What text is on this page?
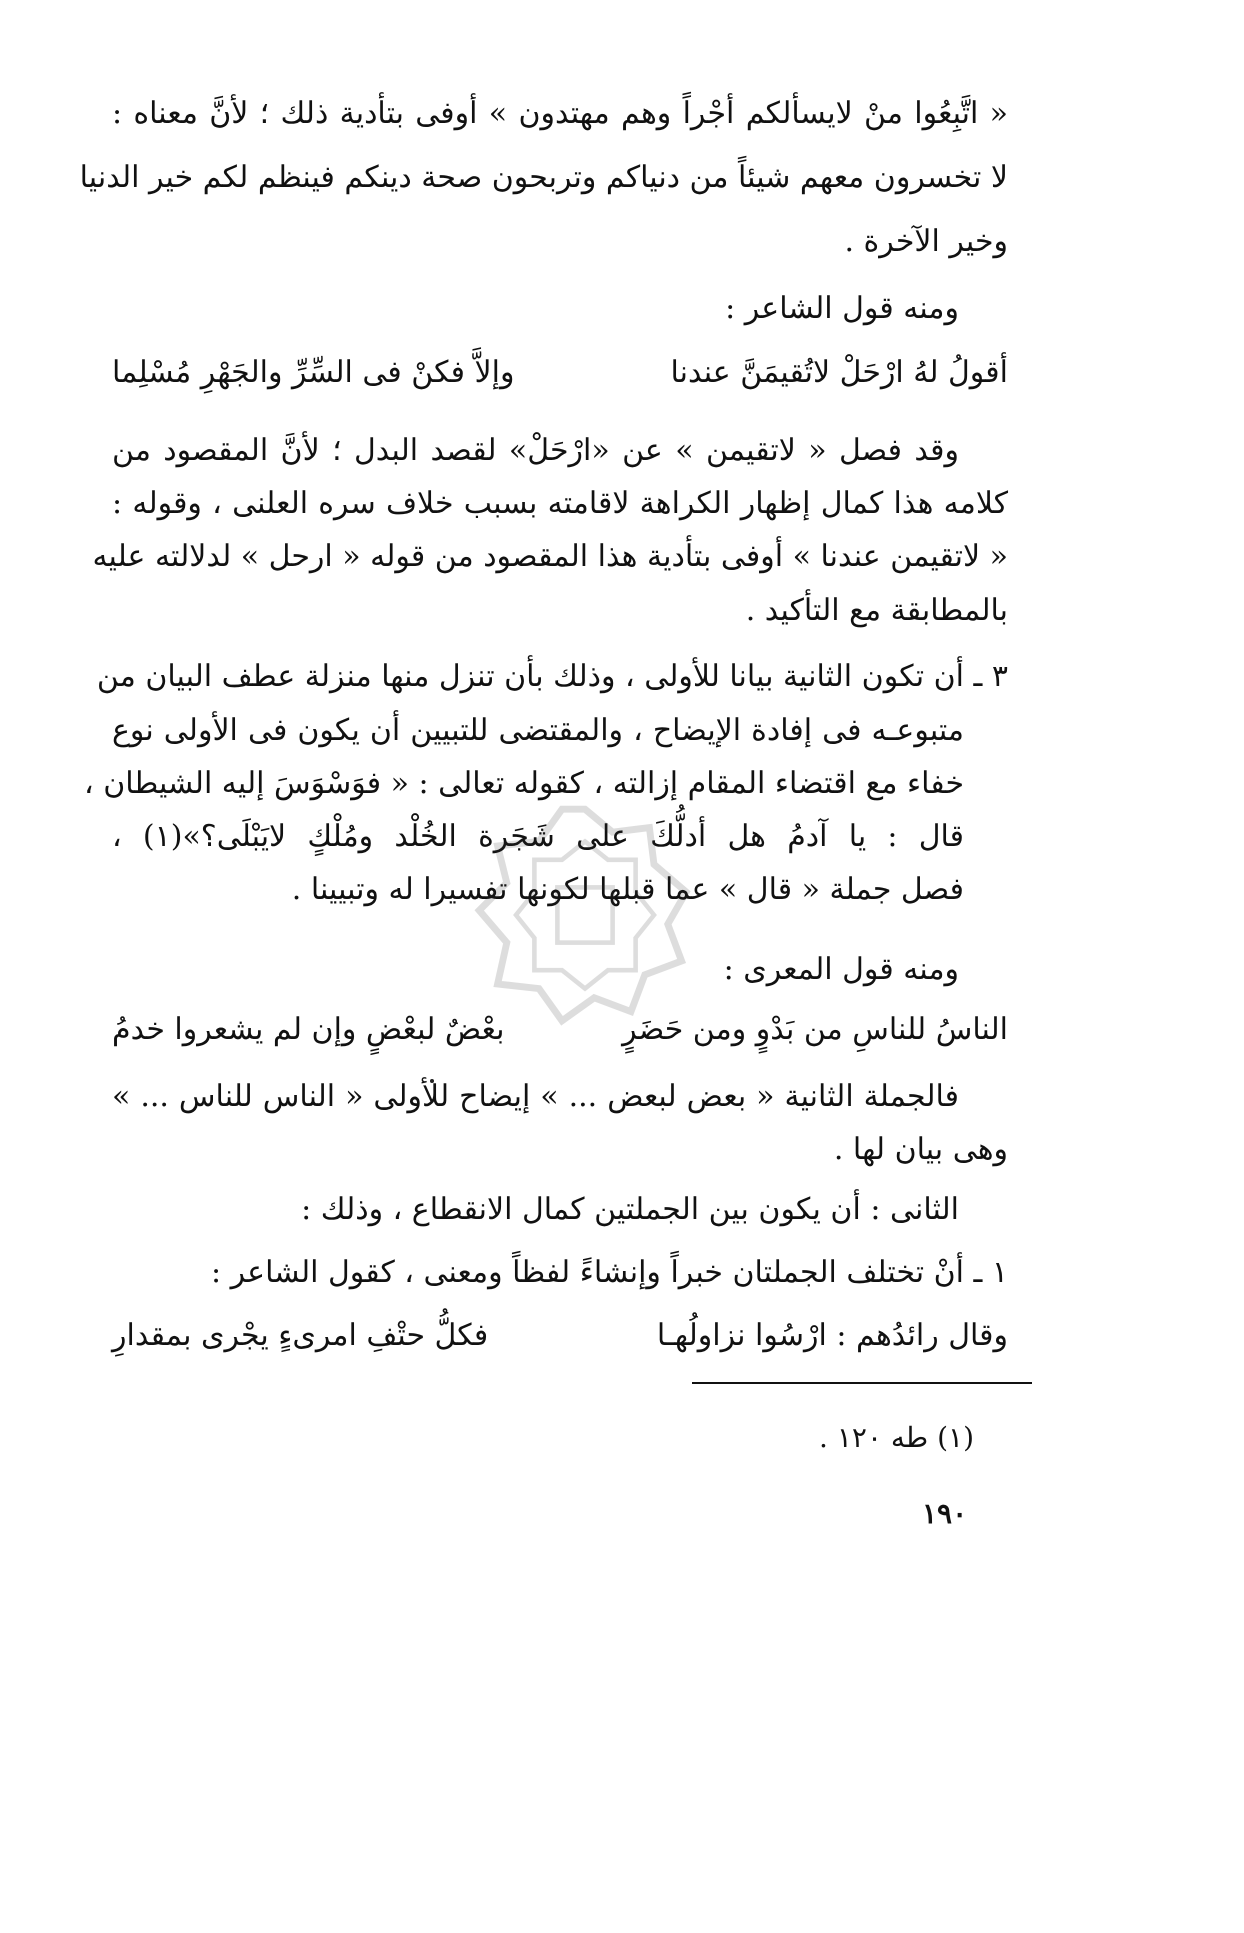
« اتَّبِعُوا منْ لايسألكم أجْراً وهم مهتدون » أوفى بتأدية ذلك ؛ لأنَّ معناه :
لا تخسرون معهم شيئاً من دنياكم وتربحون صحة دينكم فينظم لكم خير الدنيا
وخير الآخرة .
ومنه قول الشاعر :
أقولُ لهُ ارْحَلْ لاتُقيمَنَّ عندنا
وإلاَّ فكنْ فى السِّرِّ والجَهْرِ مُسْلِما
وقد فصل « لاتقيمن » عن «ارْحَلْ» لقصد البدل ؛ لأنَّ المقصود من
كلامه هذا كمال إظهار الكراهة لاقامته بسبب خلاف سره العلنى ، وقوله :
« لاتقيمن عندنا » أوفى بتأدية هذا المقصود من قوله « ارحل » لدلالته عليه
بالمطابقة مع التأكيد .
٣ ـ أن تكون الثانية بيانا للأولى ، وذلك بأن تنزل منها منزلة عطف البيان من
متبوعـه فى إفادة الإيضاح ، والمقتضى للتبيين أن يكون فى الأولى نوع
خفاء مع اقتضاء المقام إزالته ، كقوله تعالى : « فوَسْوَسَ إليه الشيطان ،
قال : يا آدمُ هل أدلُّكَ على شَجَرة الخُلْد ومُلْكٍ لايَبْلَى؟»(١) ،
فصل جملة « قال » عما قبلها لكونها تفسيرا له وتبيينا .
ومنه قول المعرى :
الناسُ للناسِ من بَدْوٍ ومن حَضَرٍ
بعْضٌ لبعْضٍ وإن لم يشعروا خدمُ
فالجملة الثانية « بعض لبعض ... » إيضاح للأولى « الناس للناس ... »
وهى بيان لها .
الثانى : أن يكون بين الجملتين كمال الانقطاع ، وذلك :
١ ـ أنْ تختلف الجملتان خبراً وإنشاءً لفظاً ومعنى ، كقول الشاعر :
وقال رائدُهم : ارْسُوا نزاولُهـا
فكلُّ حتْفِ امرىءٍ يجْرى بمقدارِ
(١) طه ١٢٠ .
١٩٠
